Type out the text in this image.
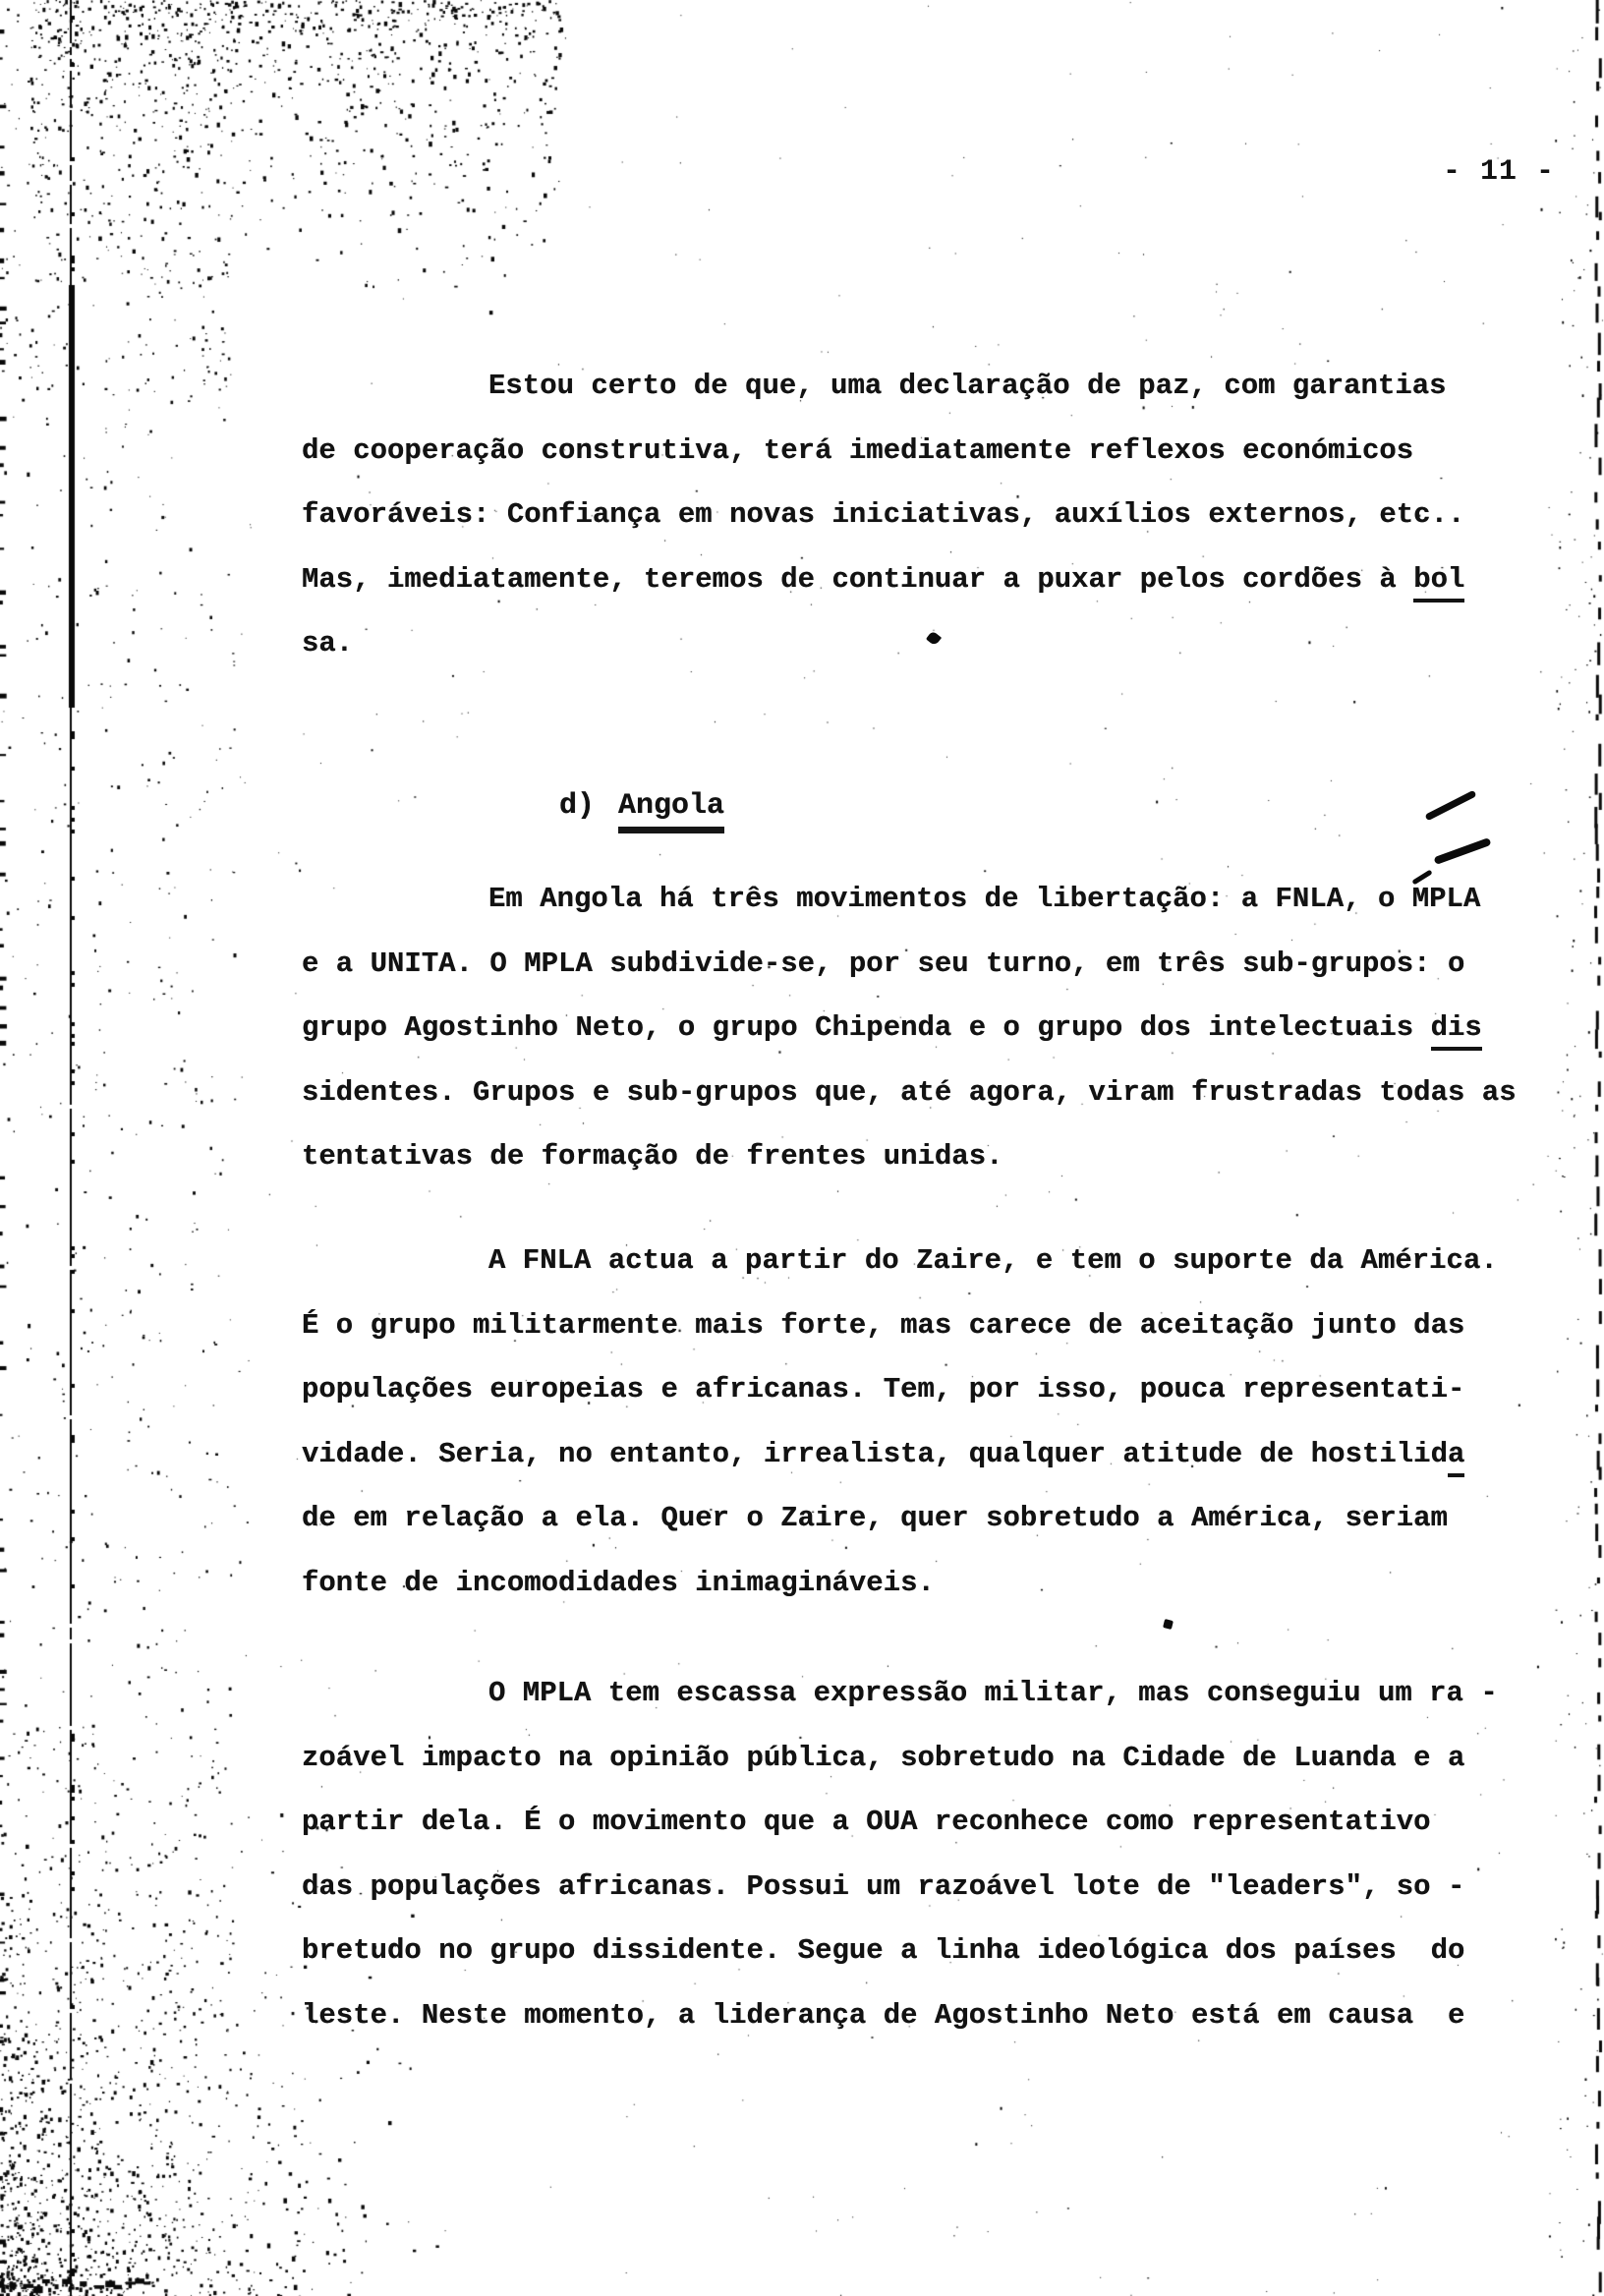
- 11 -
Estou certo de que, uma declaração de paz, com garantias
de cooperação construtiva, terá imediatamente reflexos económicos
favoráveis: Confiança em novas iniciativas, auxílios externos, etc..
Mas, imediatamente, teremos de continuar a puxar pelos cordões à bol
sa.

d) Angola

Em Angola há três movimentos de libertação: a FNLA, o MPLA
e a UNITA. O MPLA subdivide-se, por seu turno, em três sub-grupos: o
grupo Agostinho Neto, o grupo Chipenda e o grupo dos intelectuais dis
sidentes. Grupos e sub-grupos que, até agora, viram frustradas todas as
tentativas de formação de frentes unidas.
A FNLA actua a partir do Zaire, e tem o suporte da América.
É o grupo militarmente mais forte, mas carece de aceitação junto das
populações europeias e africanas. Tem, por isso, pouca representati-
vidade. Seria, no entanto, irrealista, qualquer atitude de hostilida
de em relação a ela. Quer o Zaire, quer sobretudo a América, seriam
fonte de incomodidades inimagináveis.
O MPLA tem escassa expressão militar, mas conseguiu um ra -
zoável impacto na opinião pública, sobretudo na Cidade de Luanda e a
partir dela. É o movimento que a OUA reconhece como representativo
das populações africanas. Possui um razoável lote de "leaders", so -
bretudo no grupo dissidente. Segue a linha ideológica dos países  do
leste. Neste momento, a liderança de Agostinho Neto está em causa  e
